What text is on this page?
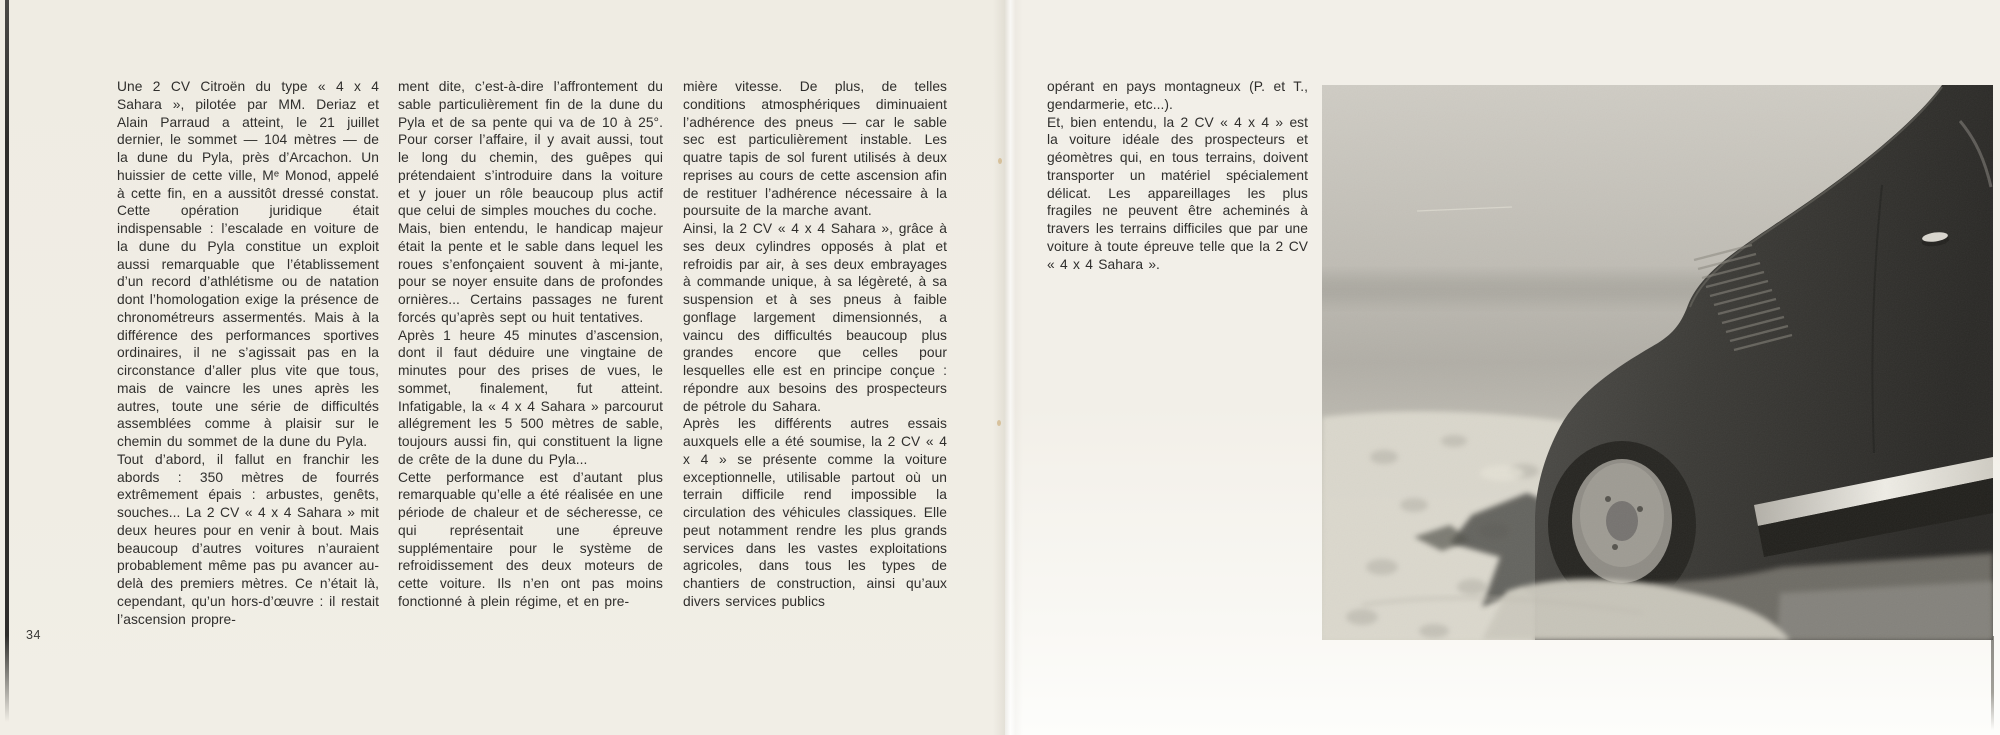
34

Une 2 CV Citroën du type « 4 x 4 Sahara », pilotée par MM. Deriaz et Alain Parraud a atteint, le 21 juillet dernier, le sommet — 104 mètres — de la dune du Pyla, près d’Arcachon. Un huissier de cette ville, Mᵉ Monod, appelé à cette fin, en a aussitôt dressé constat. Cette opération juridique était indispensable : l’escalade en voiture de la dune du Pyla constitue un exploit aussi remarquable que l’établissement d’un record d’athlétisme ou de natation dont l’homologation exige la présence de chronométreurs assermentés. Mais à la différence des performances sportives ordinaires, il ne s’agissait pas en la circonstance d’aller plus vite que tous, mais de vaincre les unes après les autres, toute une série de difficultés assemblées comme à plaisir sur le chemin du sommet de la dune du Pyla.

Tout d’abord, il fallut en franchir les abords : 350 mètres de fourrés extrêmement épais : arbustes, genêts, souches... La 2 CV « 4 x 4 Sahara » mit deux heures pour en venir à bout. Mais beaucoup d’autres voitures n’auraient probablement même pas pu avancer au-delà des premiers mètres. Ce n’était là, cependant, qu’un hors-d’œuvre : il restait l’ascension propre-

ment dite, c’est-à-dire l’affrontement du sable particulièrement fin de la dune du Pyla et de sa pente qui va de 10 à 25°. Pour corser l’affaire, il y avait aussi, tout le long du chemin, des guêpes qui prétendaient s’introduire dans la voiture et y jouer un rôle beaucoup plus actif que celui de simples mouches du coche.

Mais, bien entendu, le handicap majeur était la pente et le sable dans lequel les roues s’enfonçaient souvent à mi-jante, pour se noyer ensuite dans de profondes ornières... Certains passages ne furent forcés qu’après sept ou huit tentatives.

Après 1 heure 45 minutes d’ascension, dont il faut déduire une vingtaine de minutes pour des prises de vues, le sommet, finalement, fut atteint. Infatigable, la « 4 x 4 Sahara » parcourut allégrement les 5 500 mètres de sable, toujours aussi fin, qui constituent la ligne de crête de la dune du Pyla...

Cette performance est d’autant plus remarquable qu’elle a été réalisée en une période de chaleur et de sécheresse, ce qui représentait une épreuve supplémentaire pour le système de refroidissement des deux moteurs de cette voiture. Ils n’en ont pas moins fonctionné à plein régime, et en pre-

mière vitesse. De plus, de telles conditions atmosphériques diminuaient l’adhérence des pneus — car le sable sec est particulièrement instable. Les quatre tapis de sol furent utilisés à deux reprises au cours de cette ascension afin de restituer l’adhérence nécessaire à la poursuite de la marche avant.

Ainsi, la 2 CV « 4 x 4 Sahara », grâce à ses deux cylindres opposés à plat et refroidis par air, à ses deux embrayages à commande unique, à sa légèreté, à sa suspension et à ses pneus à faible gonflage largement dimensionnés, a vaincu des difficultés beaucoup plus grandes encore que celles pour lesquelles elle est en principe conçue : répondre aux besoins des prospecteurs de pétrole du Sahara.

Après les différents autres essais auxquels elle a été soumise, la 2 CV « 4 x 4 » se présente comme la voiture exceptionnelle, utilisable partout où un terrain difficile rend impossible la circulation des véhicules classiques. Elle peut notamment rendre les plus grands services dans les vastes exploitations agricoles, dans tous les types de chantiers de construction, ainsi qu’aux divers services publics

opérant en pays montagneux (P. et T., gendarmerie, etc...).

Et, bien entendu, la 2 CV « 4 x 4 » est la voiture idéale des prospecteurs et géomètres qui, en tous terrains, doivent transporter un matériel spécialement délicat. Les appareillages les plus fragiles ne peuvent être acheminés à travers les terrains difficiles que par une voiture à toute épreuve telle que la 2 CV « 4 x 4 Sahara ».
